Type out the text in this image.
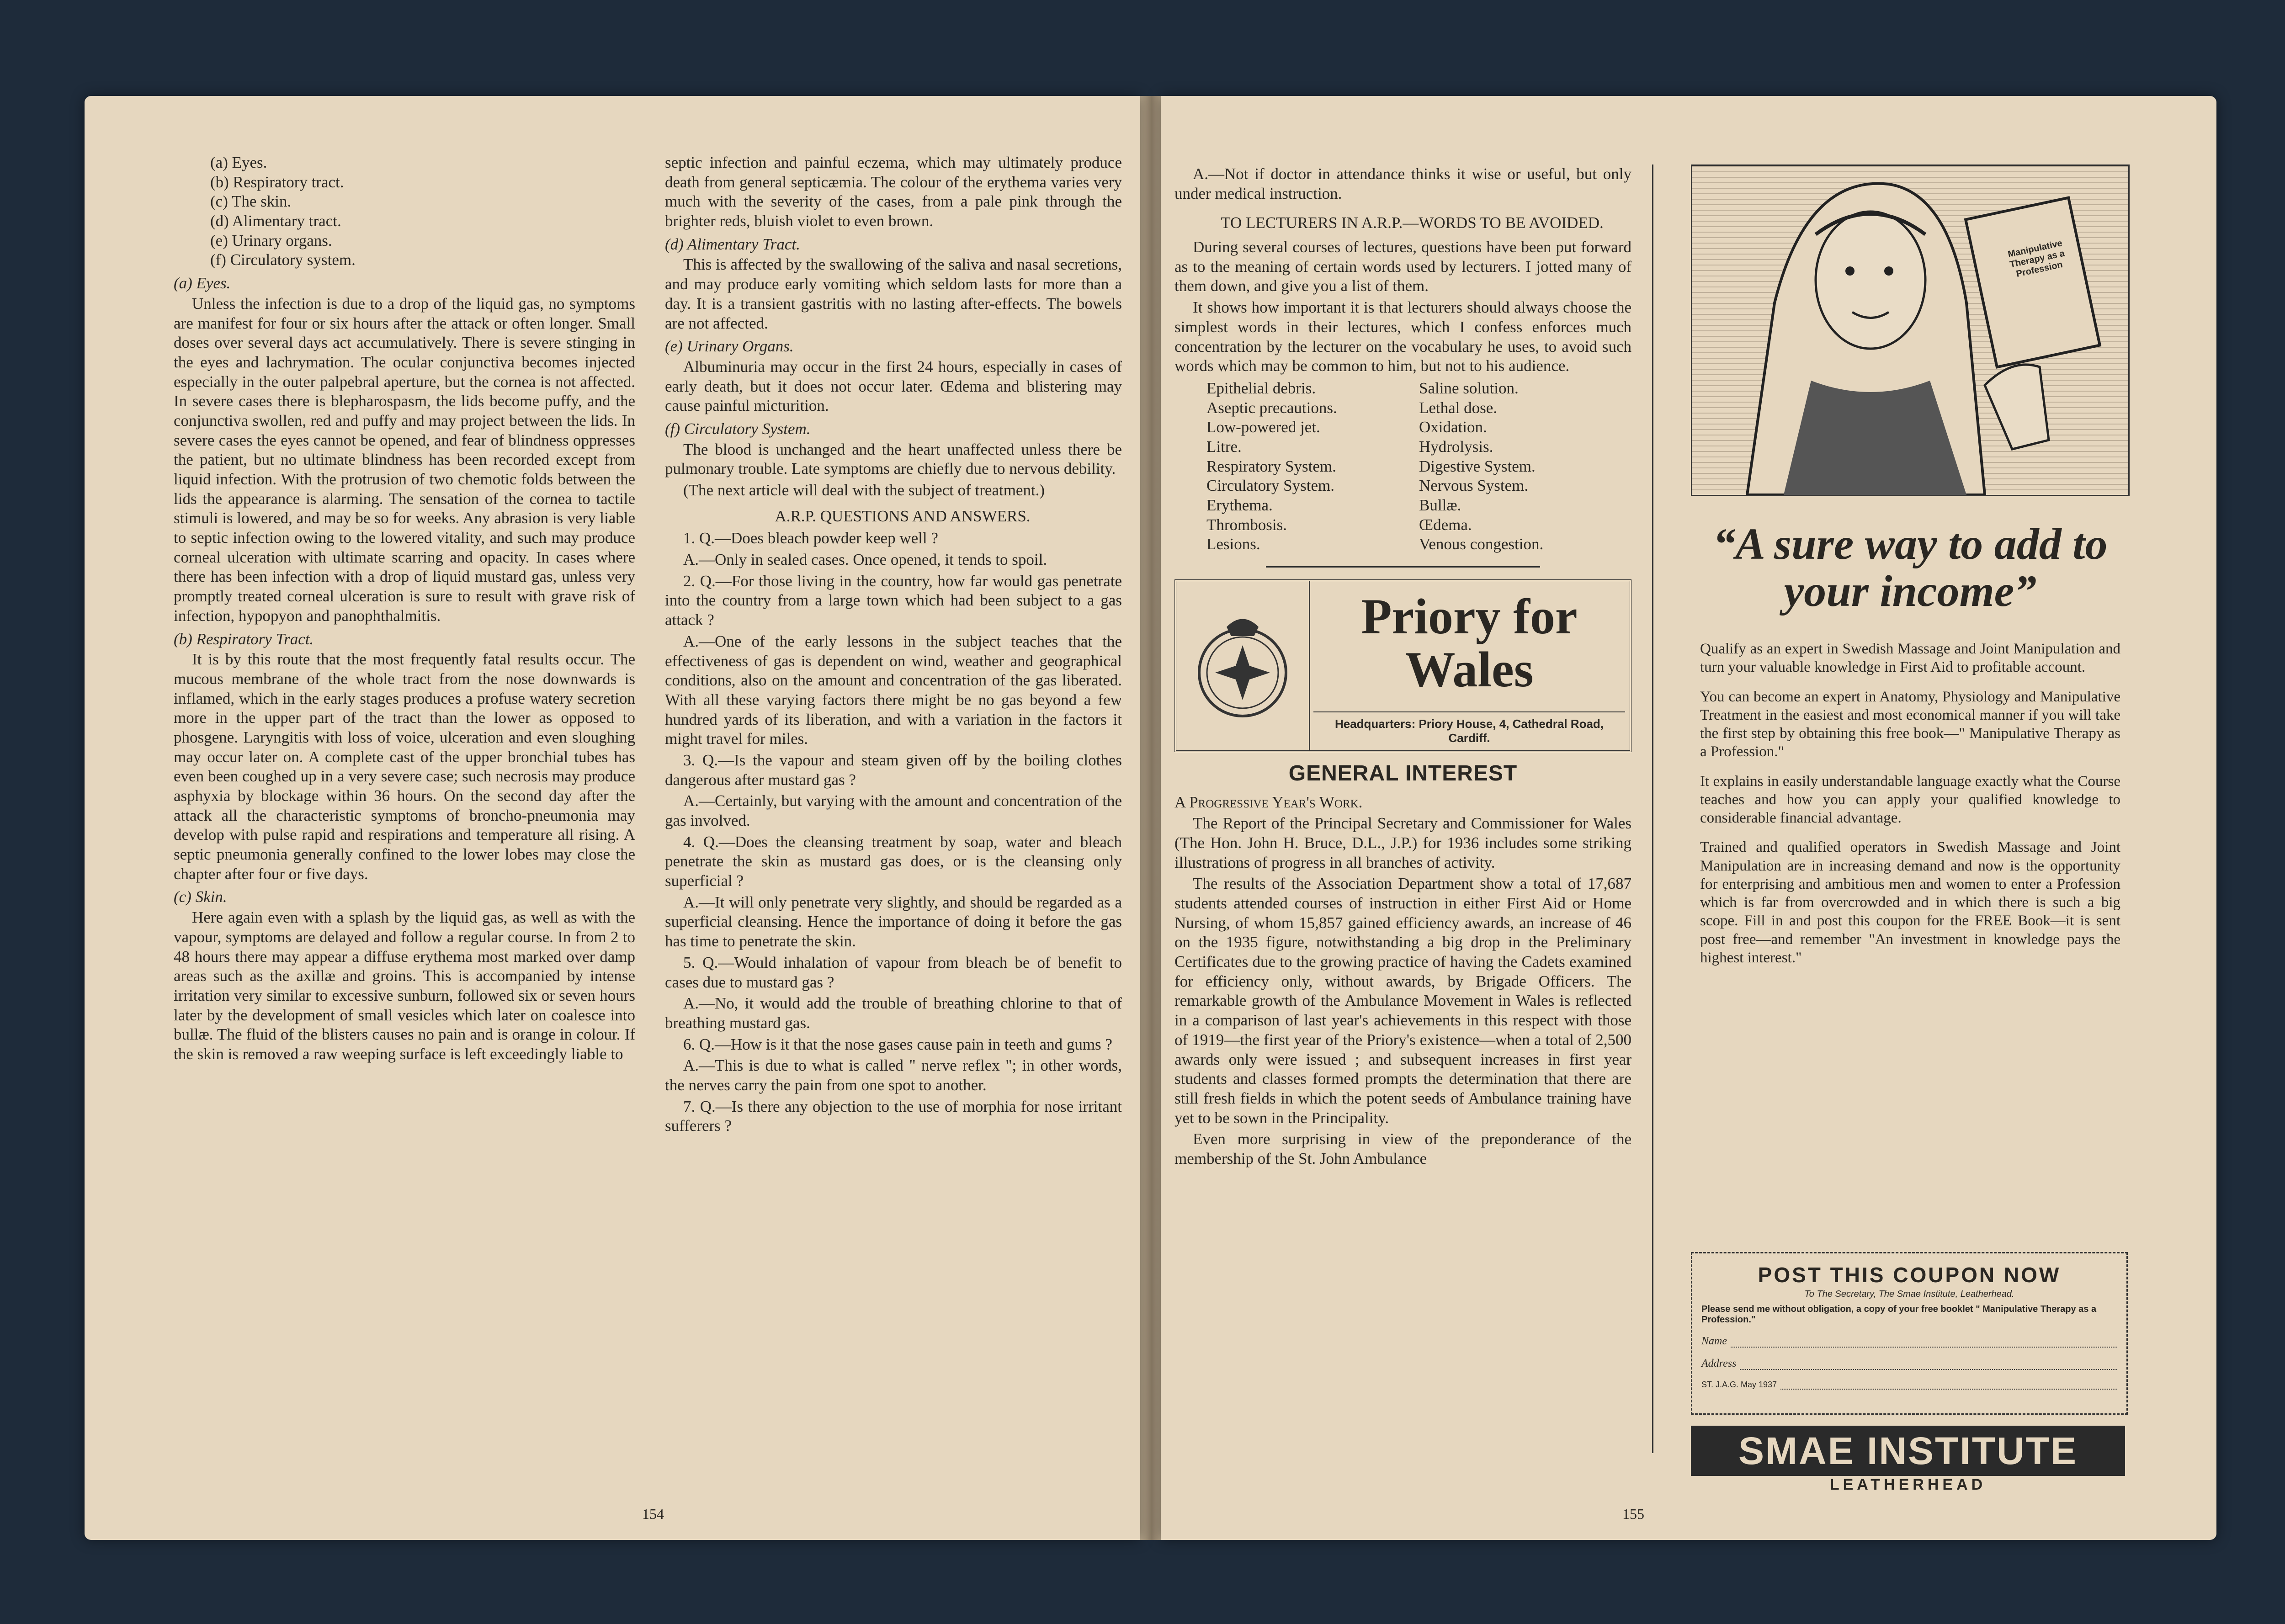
(a) Eyes.
(b) Respiratory tract.
(c) The skin.
(d) Alimentary tract.
(e) Urinary organs.
(f) Circulatory system.
(a) Eyes.

Unless the infection is due to a drop of the liquid gas, no symptoms are manifest for four or six hours after the attack or often longer. Small doses over several days act accumulatively. There is severe stinging in the eyes and lachrymation. The ocular conjunctiva becomes injected especially in the outer palpebral aperture, but the cornea is not affected. In severe cases there is blepharospasm, the lids become puffy, and the conjunctiva swollen, red and puffy and may project between the lids. In severe cases the eyes cannot be opened, and fear of blindness oppresses the patient, but no ultimate blindness has been recorded except from liquid infection. With the protrusion of two chemotic folds between the lids the appearance is alarming. The sensation of the cornea to tactile stimuli is lowered, and may be so for weeks. Any abrasion is very liable to septic infection owing to the lowered vitality, and such may produce corneal ulceration with ultimate scarring and opacity. In cases where there has been infection with a drop of liquid mustard gas, unless very promptly treated corneal ulceration is sure to result with grave risk of infection, hypopyon and panophthalmitis.

(b) Respiratory Tract.

It is by this route that the most frequently fatal results occur. The mucous membrane of the whole tract from the nose downwards is inflamed, which in the early stages produces a profuse watery secretion more in the upper part of the tract than the lower as opposed to phosgene. Laryngitis with loss of voice, ulceration and even sloughing may occur later on. A complete cast of the upper bronchial tubes has even been coughed up in a very severe case; such necrosis may produce asphyxia by blockage within 36 hours. On the second day after the attack all the characteristic symptoms of broncho-pneumonia may develop with pulse rapid and respirations and temperature all rising. A septic pneumonia generally confined to the lower lobes may close the chapter after four or five days.

(c) Skin.

Here again even with a splash by the liquid gas, as well as with the vapour, symptoms are delayed and follow a regular course. In from 2 to 48 hours there may appear a diffuse erythema most marked over damp areas such as the axillæ and groins. This is accompanied by intense irritation very similar to excessive sunburn, followed six or seven hours later by the development of small vesicles which later on coalesce into bullæ. The fluid of the blisters causes no pain and is orange in colour. If the skin is removed a raw weeping surface is left exceedingly liable to

septic infection and painful eczema, which may ultimately produce death from general septicæmia. The colour of the erythema varies very much with the severity of the cases, from a pale pink through the brighter reds, bluish violet to even brown.

(d) Alimentary Tract.

This is affected by the swallowing of the saliva and nasal secretions, and may produce early vomiting which seldom lasts for more than a day. It is a transient gastritis with no lasting after-effects. The bowels are not affected.

(e) Urinary Organs.

Albuminuria may occur in the first 24 hours, especially in cases of early death, but it does not occur later. Œdema and blistering may cause painful micturition.

(f) Circulatory System.

The blood is unchanged and the heart unaffected unless there be pulmonary trouble. Late symptoms are chiefly due to nervous debility.

(The next article will deal with the subject of treatment.)

A.R.P. QUESTIONS AND ANSWERS.

1. Q.—Does bleach powder keep well ?

A.—Only in sealed cases. Once opened, it tends to spoil.

2. Q.—For those living in the country, how far would gas penetrate into the country from a large town which had been subject to a gas attack ?

A.—One of the early lessons in the subject teaches that the effectiveness of gas is dependent on wind, weather and geographical conditions, also on the amount and concentration of the gas liberated. With all these varying factors there might be no gas beyond a few hundred yards of its liberation, and with a variation in the factors it might travel for miles.

3. Q.—Is the vapour and steam given off by the boiling clothes dangerous after mustard gas ?

A.—Certainly, but varying with the amount and concentration of the gas involved.

4. Q.—Does the cleansing treatment by soap, water and bleach penetrate the skin as mustard gas does, or is the cleansing only superficial ?

A.—It will only penetrate very slightly, and should be regarded as a superficial cleansing. Hence the importance of doing it before the gas has time to penetrate the skin.

5. Q.—Would inhalation of vapour from bleach be of benefit to cases due to mustard gas ?

A.—No, it would add the trouble of breathing chlorine to that of breathing mustard gas.

6. Q.—How is it that the nose gases cause pain in teeth and gums ?

A.—This is due to what is called " nerve reflex "; in other words, the nerves carry the pain from one spot to another.

7. Q.—Is there any objection to the use of morphia for nose irritant sufferers ?

154

A.—Not if doctor in attendance thinks it wise or useful, but only under medical instruction.

TO LECTURERS IN A.R.P.—WORDS TO BE AVOIDED.

During several courses of lectures, questions have been put forward as to the meaning of certain words used by lecturers. I jotted many of them down, and give you a list of them.

It shows how important it is that lecturers should always choose the simplest words in their lectures, which I confess enforces much concentration by the lecturer on the vocabulary he uses, to avoid such words which may be common to him, but not to his audience.

Epithelial debris.
Aseptic precautions.
Low-powered jet.
Litre.
Respiratory System.
Circulatory System.
Erythema.
Thrombosis.
Lesions.
Saline solution.
Lethal dose.
Oxidation.
Hydrolysis.
Digestive System.
Nervous System.
Bullæ.
Œdema.
Venous congestion.
Priory for
Wales
Headquarters: Priory House, 4, Cathedral Road, Cardiff.
GENERAL INTEREST

A Progressive Year's Work.

The Report of the Principal Secretary and Commissioner for Wales (The Hon. John H. Bruce, D.L., J.P.) for 1936 includes some striking illustrations of progress in all branches of activity.

The results of the Association Department show a total of 17,687 students attended courses of instruction in either First Aid or Home Nursing, of whom 15,857 gained efficiency awards, an increase of 46 on the 1935 figure, notwithstanding a big drop in the Preliminary Certificates due to the growing practice of having the Cadets examined for efficiency only, without awards, by Brigade Officers. The remarkable growth of the Ambulance Movement in Wales is reflected in a comparison of last year's achievements in this respect with those of 1919—the first year of the Priory's existence—when a total of 2,500 awards only were issued ; and subsequent increases in first year students and classes formed prompts the determination that there are still fresh fields in which the potent seeds of Ambulance training have yet to be sown in the Principality.

Even more surprising in view of the preponderance of the membership of the St. John Ambulance

Manipulative Therapy as a Profession
“A sure way to add to your income”

Qualify as an expert in Swedish Massage and Joint Manipulation and turn your valuable knowledge in First Aid to profitable account.

You can become an expert in Anatomy, Physiology and Manipulative Treatment in the easiest and most economical manner if you will take the first step by obtaining this free book—" Manipulative Therapy as a Profession."

It explains in easily understandable language exactly what the Course teaches and how you can apply your qualified knowledge to considerable financial advantage.

Trained and qualified operators in Swedish Massage and Joint Manipulation are in increasing demand and now is the opportunity for enterprising and ambitious men and women to enter a Profession which is far from overcrowded and in which there is such a big scope. Fill in and post this coupon for the FREE Book—it is sent post free—and remember "An investment in knowledge pays the highest interest."

POST THIS COUPON NOW
To The Secretary, The Smae Institute, Leatherhead.
Please send me without obligation, a copy of your free booklet " Manipulative Therapy as a Profession."
Name
Address
ST. J.A.G. May 1937
SMAE INSTITUTE
LEATHERHEAD
155
